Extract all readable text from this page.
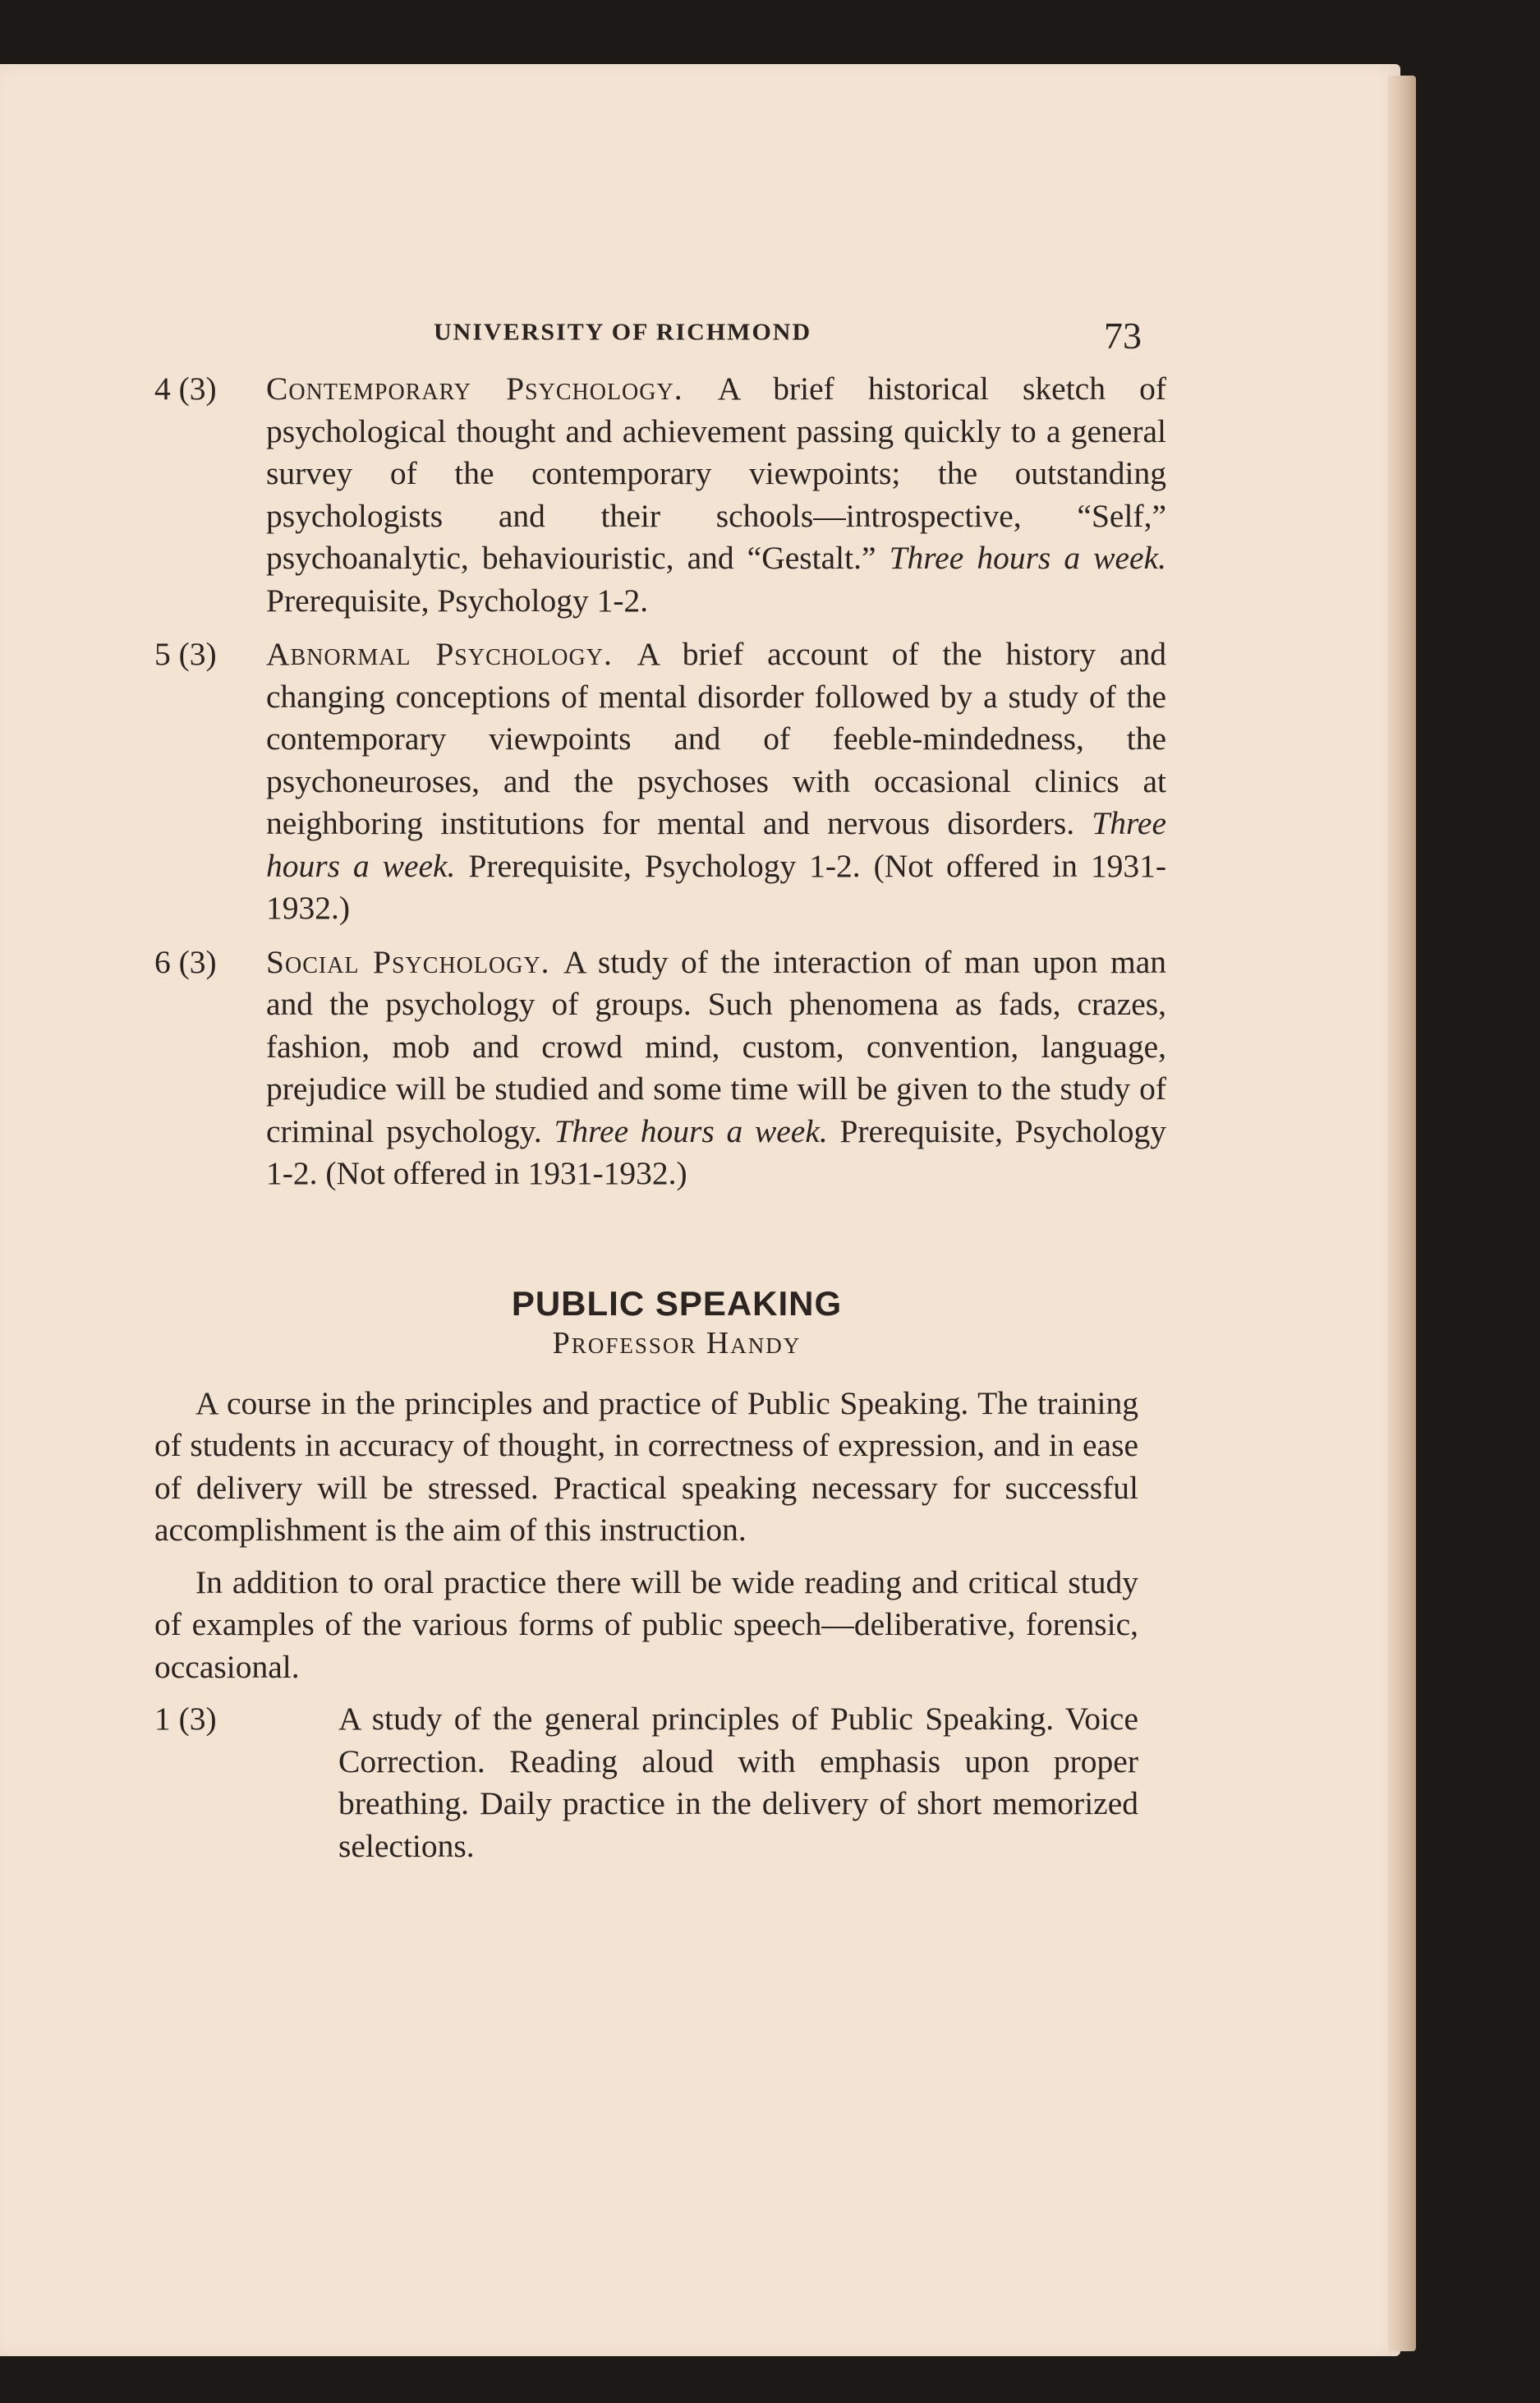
UNIVERSITY OF RICHMOND	73
4 (3) Contemporary Psychology. A brief historical sketch of psychological thought and achievement passing quickly to a general survey of the contemporary viewpoints; the outstanding psychologists and their schools—introspective, “Self,” psychoanalytic, behaviouristic, and “Gestalt.” Three hours a week. Prerequisite, Psychology 1-2.
5 (3) Abnormal Psychology. A brief account of the history and changing conceptions of mental disorder followed by a study of the contemporary viewpoints and of feeble-mindedness, the psychoneuroses, and the psychoses with occasional clinics at neighboring institutions for mental and nervous disorders. Three hours a week. Prerequisite, Psychology 1-2. (Not offered in 1931-1932.)
6 (3) Social Psychology. A study of the interaction of man upon man and the psychology of groups. Such phenomena as fads, crazes, fashion, mob and crowd mind, custom, convention, language, prejudice will be studied and some time will be given to the study of criminal psychology. Three hours a week. Prerequisite, Psychology 1-2. (Not offered in 1931-1932.)
PUBLIC SPEAKING
Professor Handy

A course in the principles and practice of Public Speaking. The training of students in accuracy of thought, in correctness of expression, and in ease of delivery will be stressed. Practical speaking necessary for successful accomplishment is the aim of this instruction.

In addition to oral practice there will be wide reading and critical study of examples of the various forms of public speech—deliberative, forensic, occasional.

1 (3)	A study of the general principles of Public Speaking. Voice Correction. Reading aloud with emphasis upon proper breathing. Daily practice in the delivery of short memorized selections.
